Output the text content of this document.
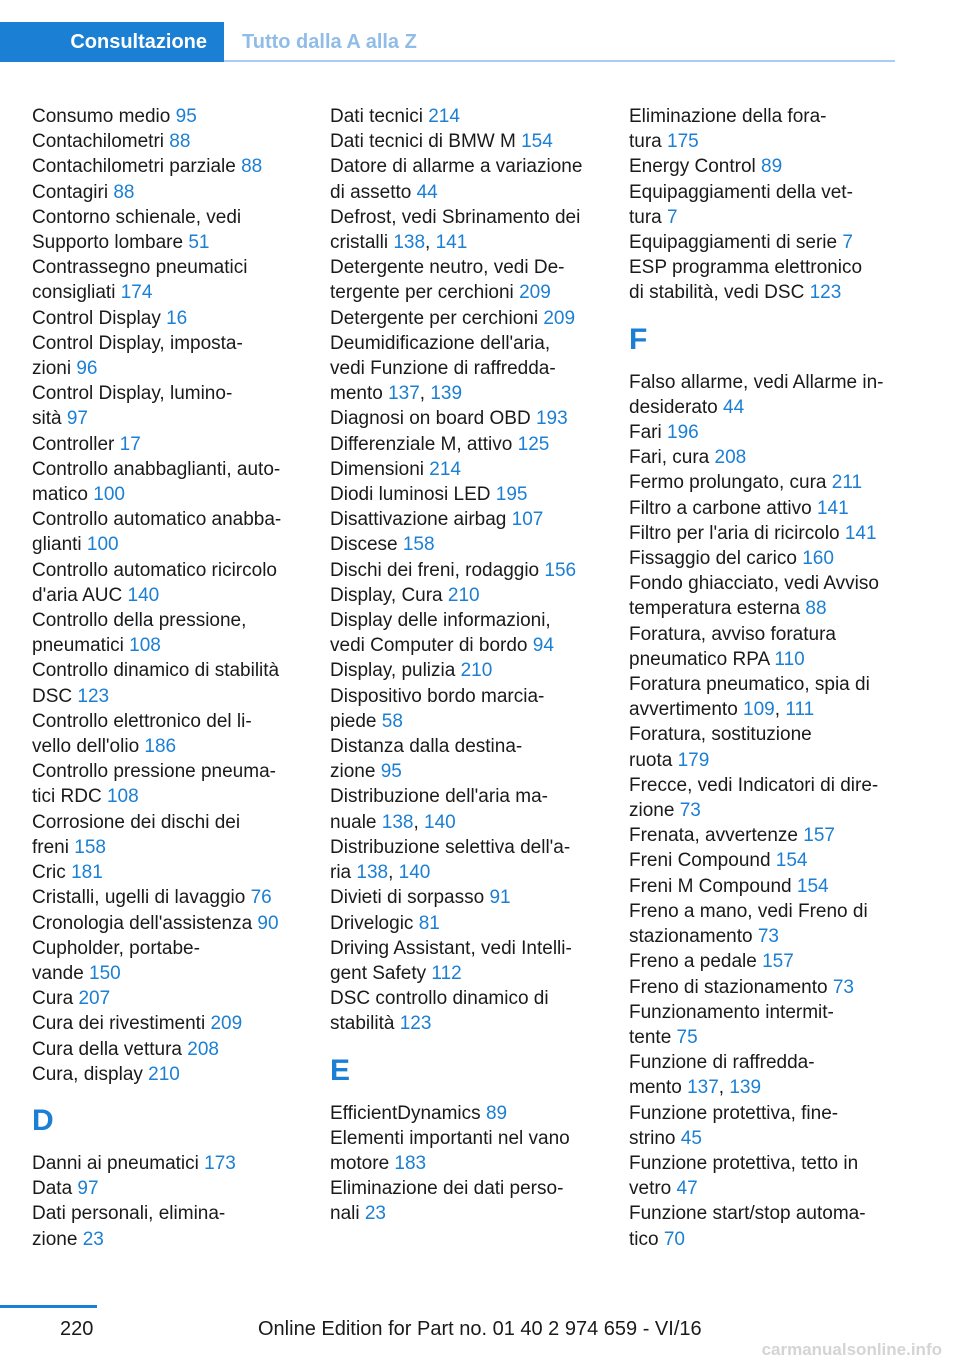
Consultazione Tutto dalla A alla Z
Consumo medio 95
Contachilometri 88
Contachilometri parziale 88
Contagiri 88
Contorno schienale, vedi
Supporto lombare 51
Contrassegno pneumatici
consigliati 174
Control Display 16
Control Display, imposta-
zioni 96
Control Display, lumino-
sità 97
Controller 17
Controllo anabbaglianti, auto-
matico 100
Controllo automatico anabba-
glianti 100
Controllo automatico ricircolo
d'aria AUC 140
Controllo della pressione,
pneumatici 108
Controllo dinamico di stabilità
DSC 123
Controllo elettronico del li-
vello dell'olio 186
Controllo pressione pneuma-
tici RDC 108
Corrosione dei dischi dei
freni 158
Cric 181
Cristalli, ugelli di lavaggio 76
Cronologia dell'assistenza 90
Cupholder, portabe-
vande 150
Cura 207
Cura dei rivestimenti 209
Cura della vettura 208
Cura, display 210
D
Danni ai pneumatici 173
Data 97
Dati personali, elimina-
zione 23
Dati tecnici 214
Dati tecnici di BMW M 154
Datore di allarme a variazione
di assetto 44
Defrost, vedi Sbrinamento dei
cristalli 138, 141
Detergente neutro, vedi De-
tergente per cerchioni 209
Detergente per cerchioni 209
Deumidificazione dell'aria,
vedi Funzione di raffredda-
mento 137, 139
Diagnosi on board OBD 193
Differenziale M, attivo 125
Dimensioni 214
Diodi luminosi LED 195
Disattivazione airbag 107
Discese 158
Dischi dei freni, rodaggio 156
Display, Cura 210
Display delle informazioni,
vedi Computer di bordo 94
Display, pulizia 210
Dispositivo bordo marcia-
piede 58
Distanza dalla destina-
zione 95
Distribuzione dell'aria ma-
nuale 138, 140
Distribuzione selettiva dell'a-
ria 138, 140
Divieti di sorpasso 91
Drivelogic 81
Driving Assistant, vedi Intelli-
gent Safety 112
DSC controllo dinamico di
stabilità 123
E
EfficientDynamics 89
Elementi importanti nel vano
motore 183
Eliminazione dei dati perso-
nali 23
Eliminazione della fora-
tura 175
Energy Control 89
Equipaggiamenti della vet-
tura 7
Equipaggiamenti di serie 7
ESP programma elettronico
di stabilità, vedi DSC 123
F
Falso allarme, vedi Allarme in-
desiderato 44
Fari 196
Fari, cura 208
Fermo prolungato, cura 211
Filtro a carbone attivo 141
Filtro per l'aria di ricircolo 141
Fissaggio del carico 160
Fondo ghiacciato, vedi Avviso
temperatura esterna 88
Foratura, avviso foratura
pneumatico RPA 110
Foratura pneumatico, spia di
avvertimento 109, 111
Foratura, sostituzione
ruota 179
Frecce, vedi Indicatori di dire-
zione 73
Frenata, avvertenze 157
Freni Compound 154
Freni M Compound 154
Freno a mano, vedi Freno di
stazionamento 73
Freno a pedale 157
Freno di stazionamento 73
Funzionamento intermit-
tente 75
Funzione di raffredda-
mento 137, 139
Funzione protettiva, fine-
strino 45
Funzione protettiva, tetto in
vetro 47
Funzione start/stop automa-
tico 70
220	Online Edition for Part no. 01 40 2 974 659 - VI/16
carmanualsonline.info
